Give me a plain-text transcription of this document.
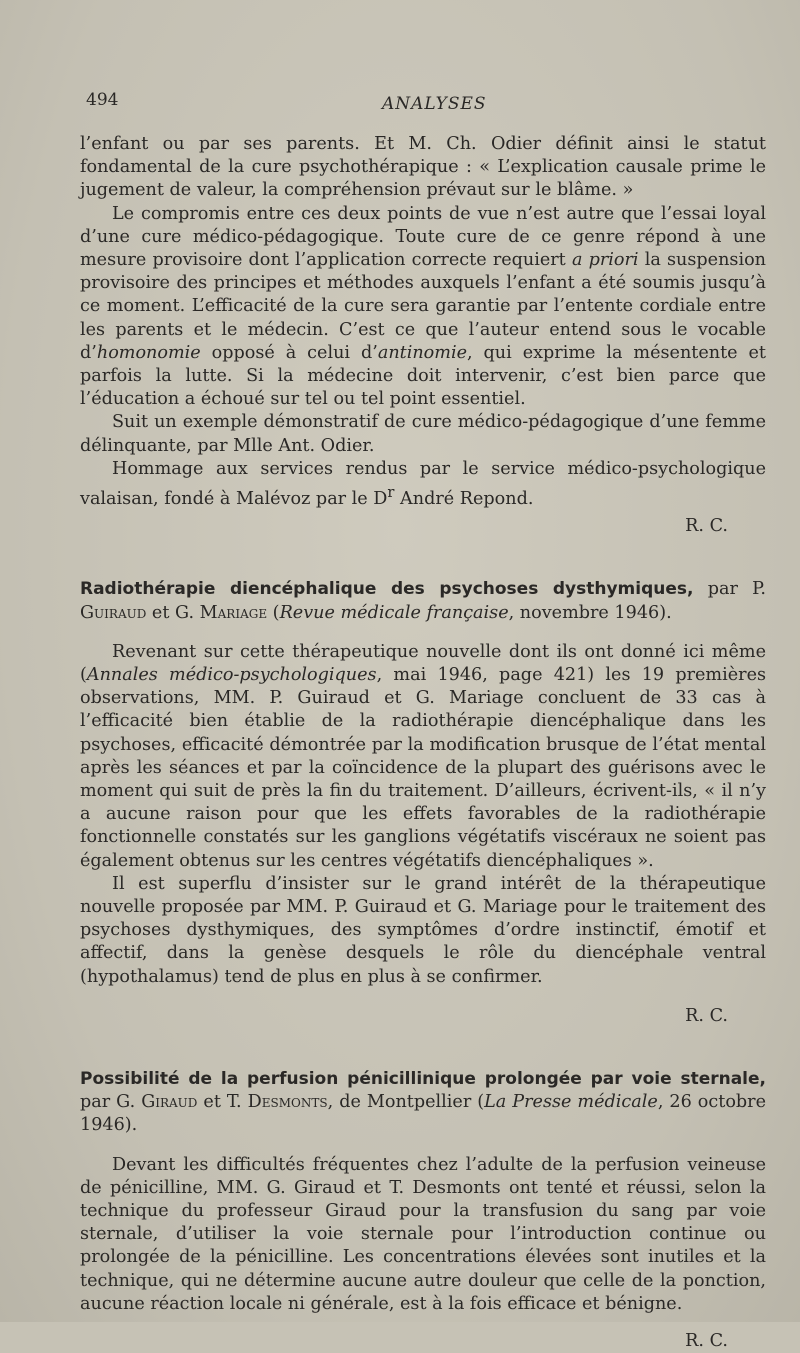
494	ANALYSES

l’enfant ou par ses parents. Et M. Ch. Odier définit ainsi le statut fondamental de la cure psychothérapique : « L’explication causale prime le jugement de valeur, la compréhension prévaut sur le blâme. »

Le compromis entre ces deux points de vue n’est autre que l’essai loyal d’une cure médico-pédagogique. Toute cure de ce genre répond à une mesure provisoire dont l’application correcte requiert a priori la suspension provisoire des principes et méthodes auxquels l’enfant a été soumis jusqu’à ce moment. L’efficacité de la cure sera garantie par l’entente cordiale entre les parents et le médecin. C’est ce que l’auteur entend sous le vocable d’homonomie opposé à celui d’antinomie, qui exprime la mésentente et parfois la lutte. Si la médecine doit intervenir, c’est bien parce que l’éducation a échoué sur tel ou tel point essentiel.

Suit un exemple démonstratif de cure médico-pédagogique d’une femme délinquante, par Mlle Ant. Odier.

Hommage aux services rendus par le service médico-psychologique valaisan, fondé à Malévoz par le $D^r$ André Repond.

R. C.
Radiothérapie diencéphalique des psychoses dysthymiques, par P. Guiraud et G. Mariage (Revue médicale française, novembre 1946).

Revenant sur cette thérapeutique nouvelle dont ils ont donné ici même (Annales médico-psychologiques, mai 1946, page 421) les 19 premières observations, MM. P. Guiraud et G. Mariage concluent de 33 cas à l’efficacité bien établie de la radiothérapie diencéphalique dans les psychoses, efficacité démontrée par la modification brusque de l’état mental après les séances et par la coïncidence de la plupart des guérisons avec le moment qui suit de près la fin du traitement. D’ailleurs, écrivent-ils, « il n’y a aucune raison pour que les effets favorables de la radiothérapie fonctionnelle constatés sur les ganglions végétatifs viscéraux ne soient pas également obtenus sur les centres végétatifs diencéphaliques ».

Il est superflu d’insister sur le grand intérêt de la thérapeutique nouvelle proposée par MM. P. Guiraud et G. Mariage pour le traitement des psychoses dysthymiques, des symptômes d’ordre instinctif, émotif et affectif, dans la genèse desquels le rôle du diencéphale ventral (hypothalamus) tend de plus en plus à se confirmer.

R. C.
Possibilité de la perfusion pénicillinique prolongée par voie sternale, par G. Giraud et T. Desmonts, de Montpellier (La Presse médicale, 26 octobre 1946).

Devant les difficultés fréquentes chez l’adulte de la perfusion veineuse de pénicilline, MM. G. Giraud et T. Desmonts ont tenté et réussi, selon la technique du professeur Giraud pour la transfusion du sang par voie sternale, d’utiliser la voie sternale pour l’introduction continue ou prolongée de la pénicilline. Les concentrations élevées sont inutiles et la technique, qui ne détermine aucune autre douleur que celle de la ponction, aucune réaction locale ni générale, est à la fois efficace et bénigne.

R. C.
